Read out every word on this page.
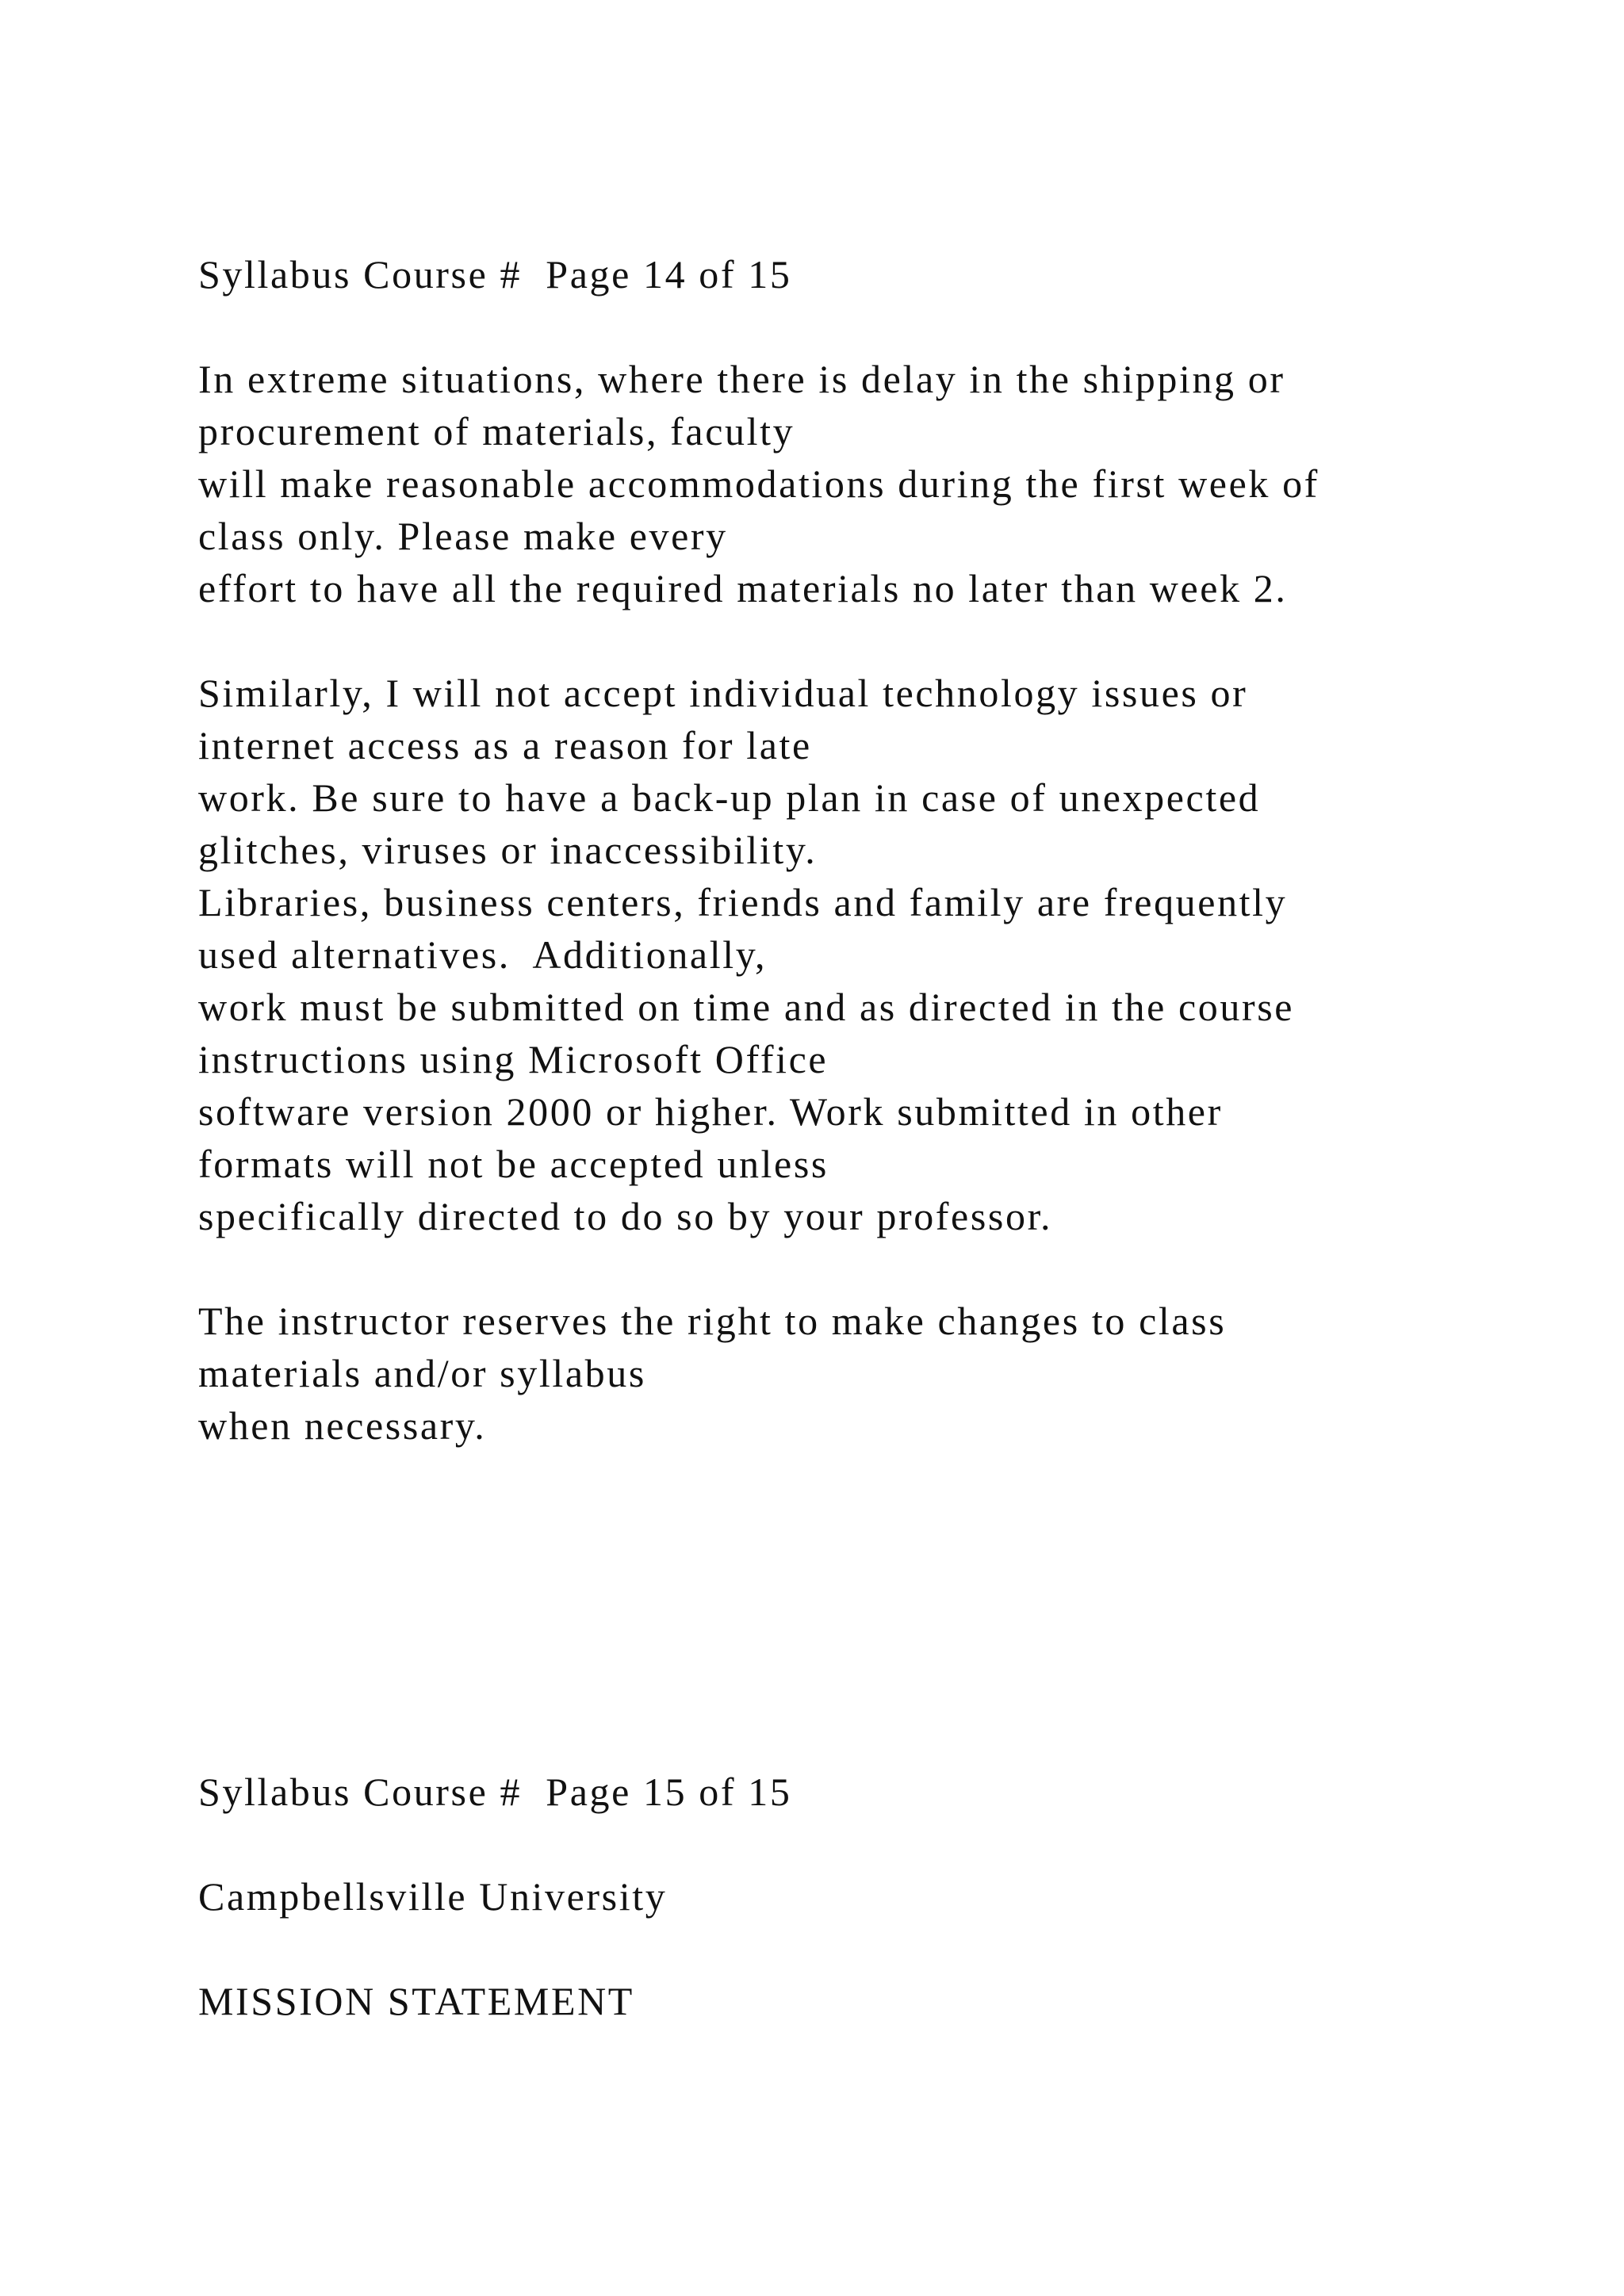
Syllabus Course #  Page 14 of 15
In extreme situations, where there is delay in the shipping or
procurement of materials, faculty
will make reasonable accommodations during the first week of
class only. Please make every
effort to have all the required materials no later than week 2.
Similarly, I will not accept individual technology issues or
internet access as a reason for late
work. Be sure to have a back-up plan in case of unexpected
glitches, viruses or inaccessibility.
Libraries, business centers, friends and family are frequently
used alternatives.  Additionally,
work must be submitted on time and as directed in the course
instructions using Microsoft Office
software version 2000 or higher. Work submitted in other
formats will not be accepted unless
specifically directed to do so by your professor.
The instructor reserves the right to make changes to class
materials and/or syllabus
when necessary.
Syllabus Course #  Page 15 of 15
Campbellsville University
MISSION STATEMENT
